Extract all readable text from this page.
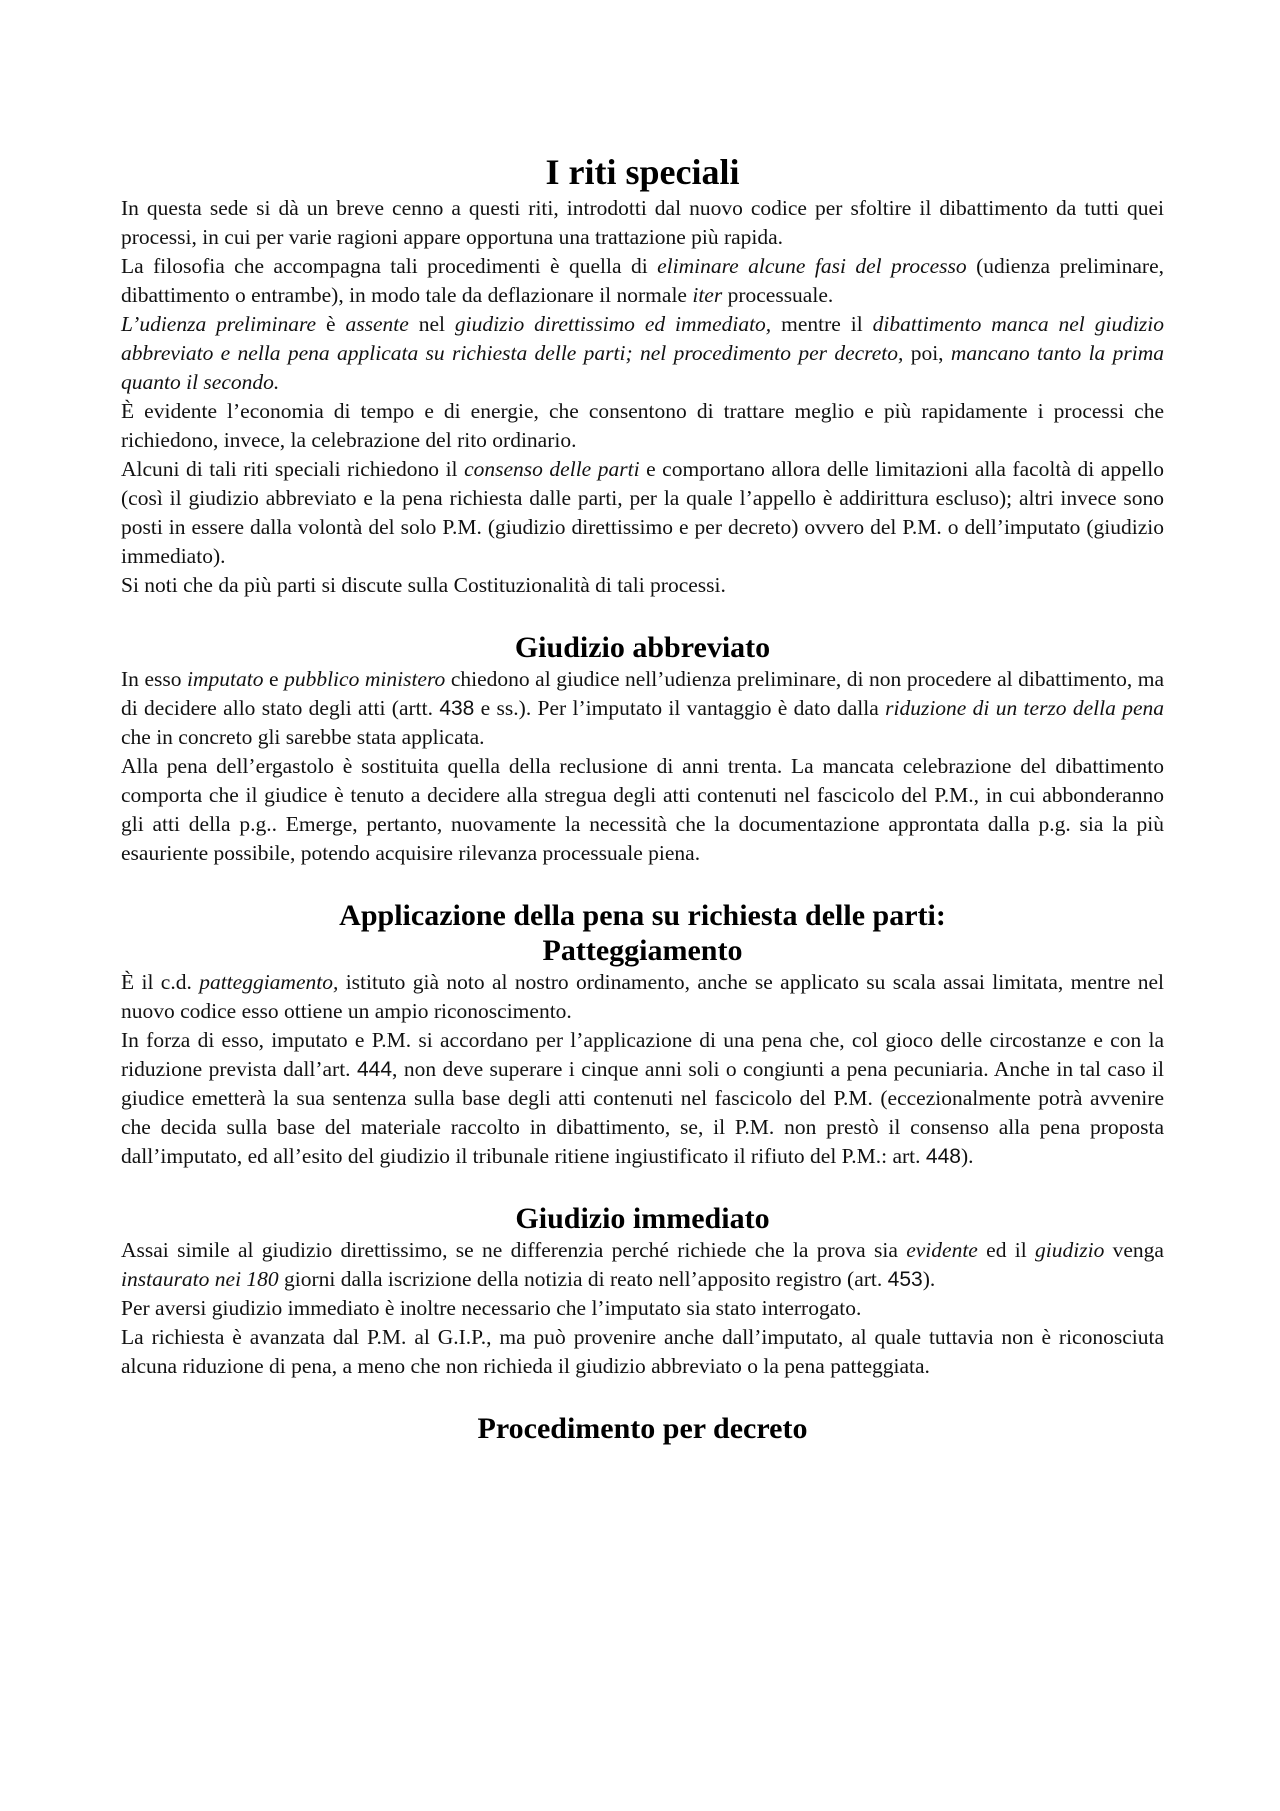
I riti speciali

In questa sede si dà un breve cenno a questi riti, introdotti dal nuovo codice per sfoltire il dibattimento da tutti quei processi, in cui per varie ragioni appare opportuna una trattazione più rapida.

La filosofia che accompagna tali procedimenti è quella di eliminare alcune fasi del processo (udienza preliminare, dibattimento o entrambe), in modo tale da deflazionare il normale iter processuale.

L’udienza preliminare è assente nel giudizio direttissimo ed immediato, mentre il dibattimento manca nel giudizio abbreviato e nella pena applicata su richiesta delle parti; nel procedimento per decreto, poi, mancano tanto la prima quanto il secondo.

È evidente l’economia di tempo e di energie, che consentono di trattare meglio e più rapidamente i processi che richiedono, invece, la celebrazione del rito ordinario.

Alcuni di tali riti speciali richiedono il consenso delle parti e comportano allora delle limitazioni alla facoltà di appello (così il giudizio abbreviato e la pena richiesta dalle parti, per la quale l’appello è addirittura escluso); altri invece sono posti in essere dalla volontà del solo P.M. (giudizio direttissimo e per decreto) ovvero del P.M. o dell’imputato (giudizio immediato).

Si noti che da più parti si discute sulla Costituzionalità di tali processi.

Giudizio abbreviato

In esso imputato e pubblico ministero chiedono al giudice nell’udienza preliminare, di non procedere al dibattimento, ma di decidere allo stato degli atti (artt. 438 e ss.). Per l’imputato il vantaggio è dato dalla riduzione di un terzo della pena che in concreto gli sarebbe stata applicata.

Alla pena dell’ergastolo è sostituita quella della reclusione di anni trenta. La mancata celebrazione del dibattimento comporta che il giudice è tenuto a decidere alla stregua degli atti contenuti nel fascicolo del P.M., in cui abbonderanno gli atti della p.g.. Emerge, pertanto, nuovamente la necessità che la documentazione approntata dalla p.g. sia la più esauriente possibile, potendo acquisire rilevanza processuale piena.

Applicazione della pena su richiesta delle parti:
Patteggiamento

È il c.d. patteggiamento, istituto già noto al nostro ordinamento, anche se applicato su scala assai limitata, mentre nel nuovo codice esso ottiene un ampio riconoscimento.

In forza di esso, imputato e P.M. si accordano per l’applicazione di una pena che, col gioco delle circostanze e con la riduzione prevista dall’art. 444, non deve superare i cinque anni soli o congiunti a pena pecuniaria. Anche in tal caso il giudice emetterà la sua sentenza sulla base degli atti contenuti nel fascicolo del P.M. (eccezionalmente potrà avvenire che decida sulla base del materiale raccolto in dibattimento, se, il P.M. non prestò il consenso alla pena proposta dall’imputato, ed all’esito del giudizio il tribunale ritiene ingiustificato il rifiuto del P.M.: art. 448).

Giudizio immediato

Assai simile al giudizio direttissimo, se ne differenzia perché richiede che la prova sia evidente ed il giudizio venga instaurato nei 180 giorni dalla iscrizione della notizia di reato nell’apposito registro (art. 453).

Per aversi giudizio immediato è inoltre necessario che l’imputato sia stato interrogato.

La richiesta è avanzata dal P.M. al G.I.P., ma può provenire anche dall’imputato, al quale tuttavia non è riconosciuta alcuna riduzione di pena, a meno che non richieda il giudizio abbreviato o la pena patteggiata.

Procedimento per decreto
